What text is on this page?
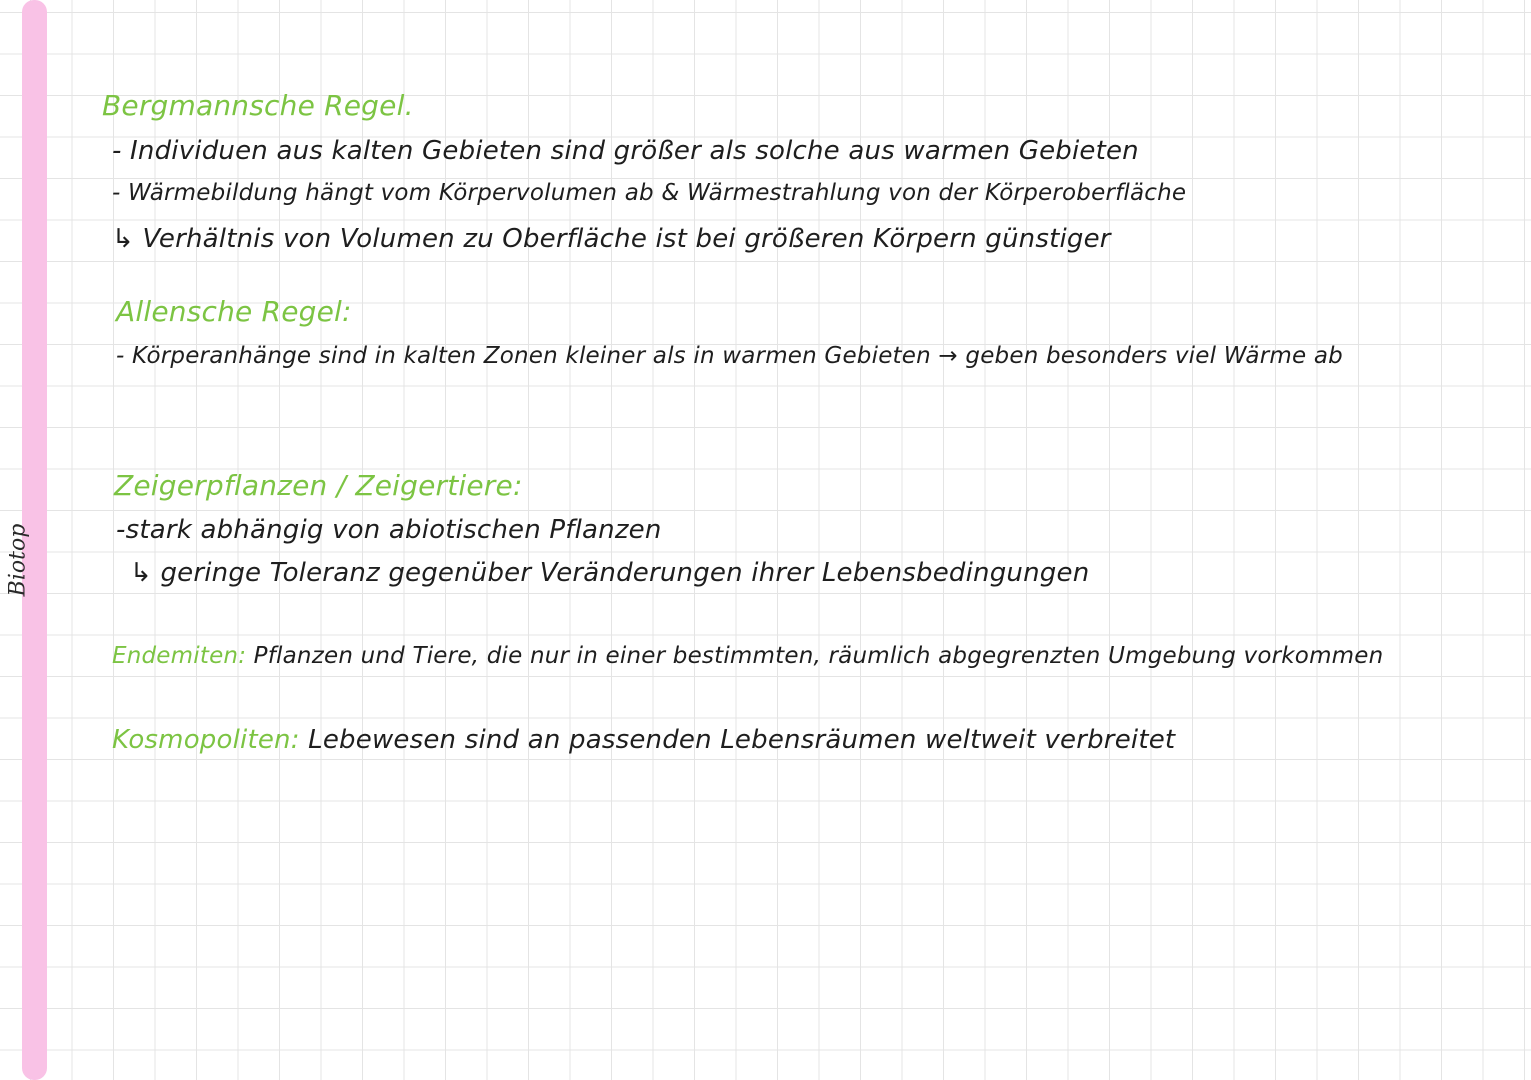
Biotop
Bergmannsche Regel.
- Individuen aus kalten Gebieten sind größer als solche aus warmen Gebieten
- Wärmebildung hängt vom Körpervolumen ab & Wärmestrahlung von der Körperoberfläche
↳ Verhältnis von Volumen zu Oberfläche ist bei größeren Körpern günstiger
Allensche Regel:
- Körperanhänge sind in kalten Zonen kleiner als in warmen Gebieten → geben besonders viel Wärme ab
Zeigerpflanzen / Zeigertiere:
-stark abhängig von abiotischen Pflanzen
↳ geringe Toleranz gegenüber Veränderungen ihrer Lebensbedingungen
Endemiten: Pflanzen und Tiere, die nur in einer bestimmten, räumlich abgegrenzten Umgebung vorkommen
Kosmopoliten: Lebewesen sind an passenden Lebensräumen weltweit verbreitet
